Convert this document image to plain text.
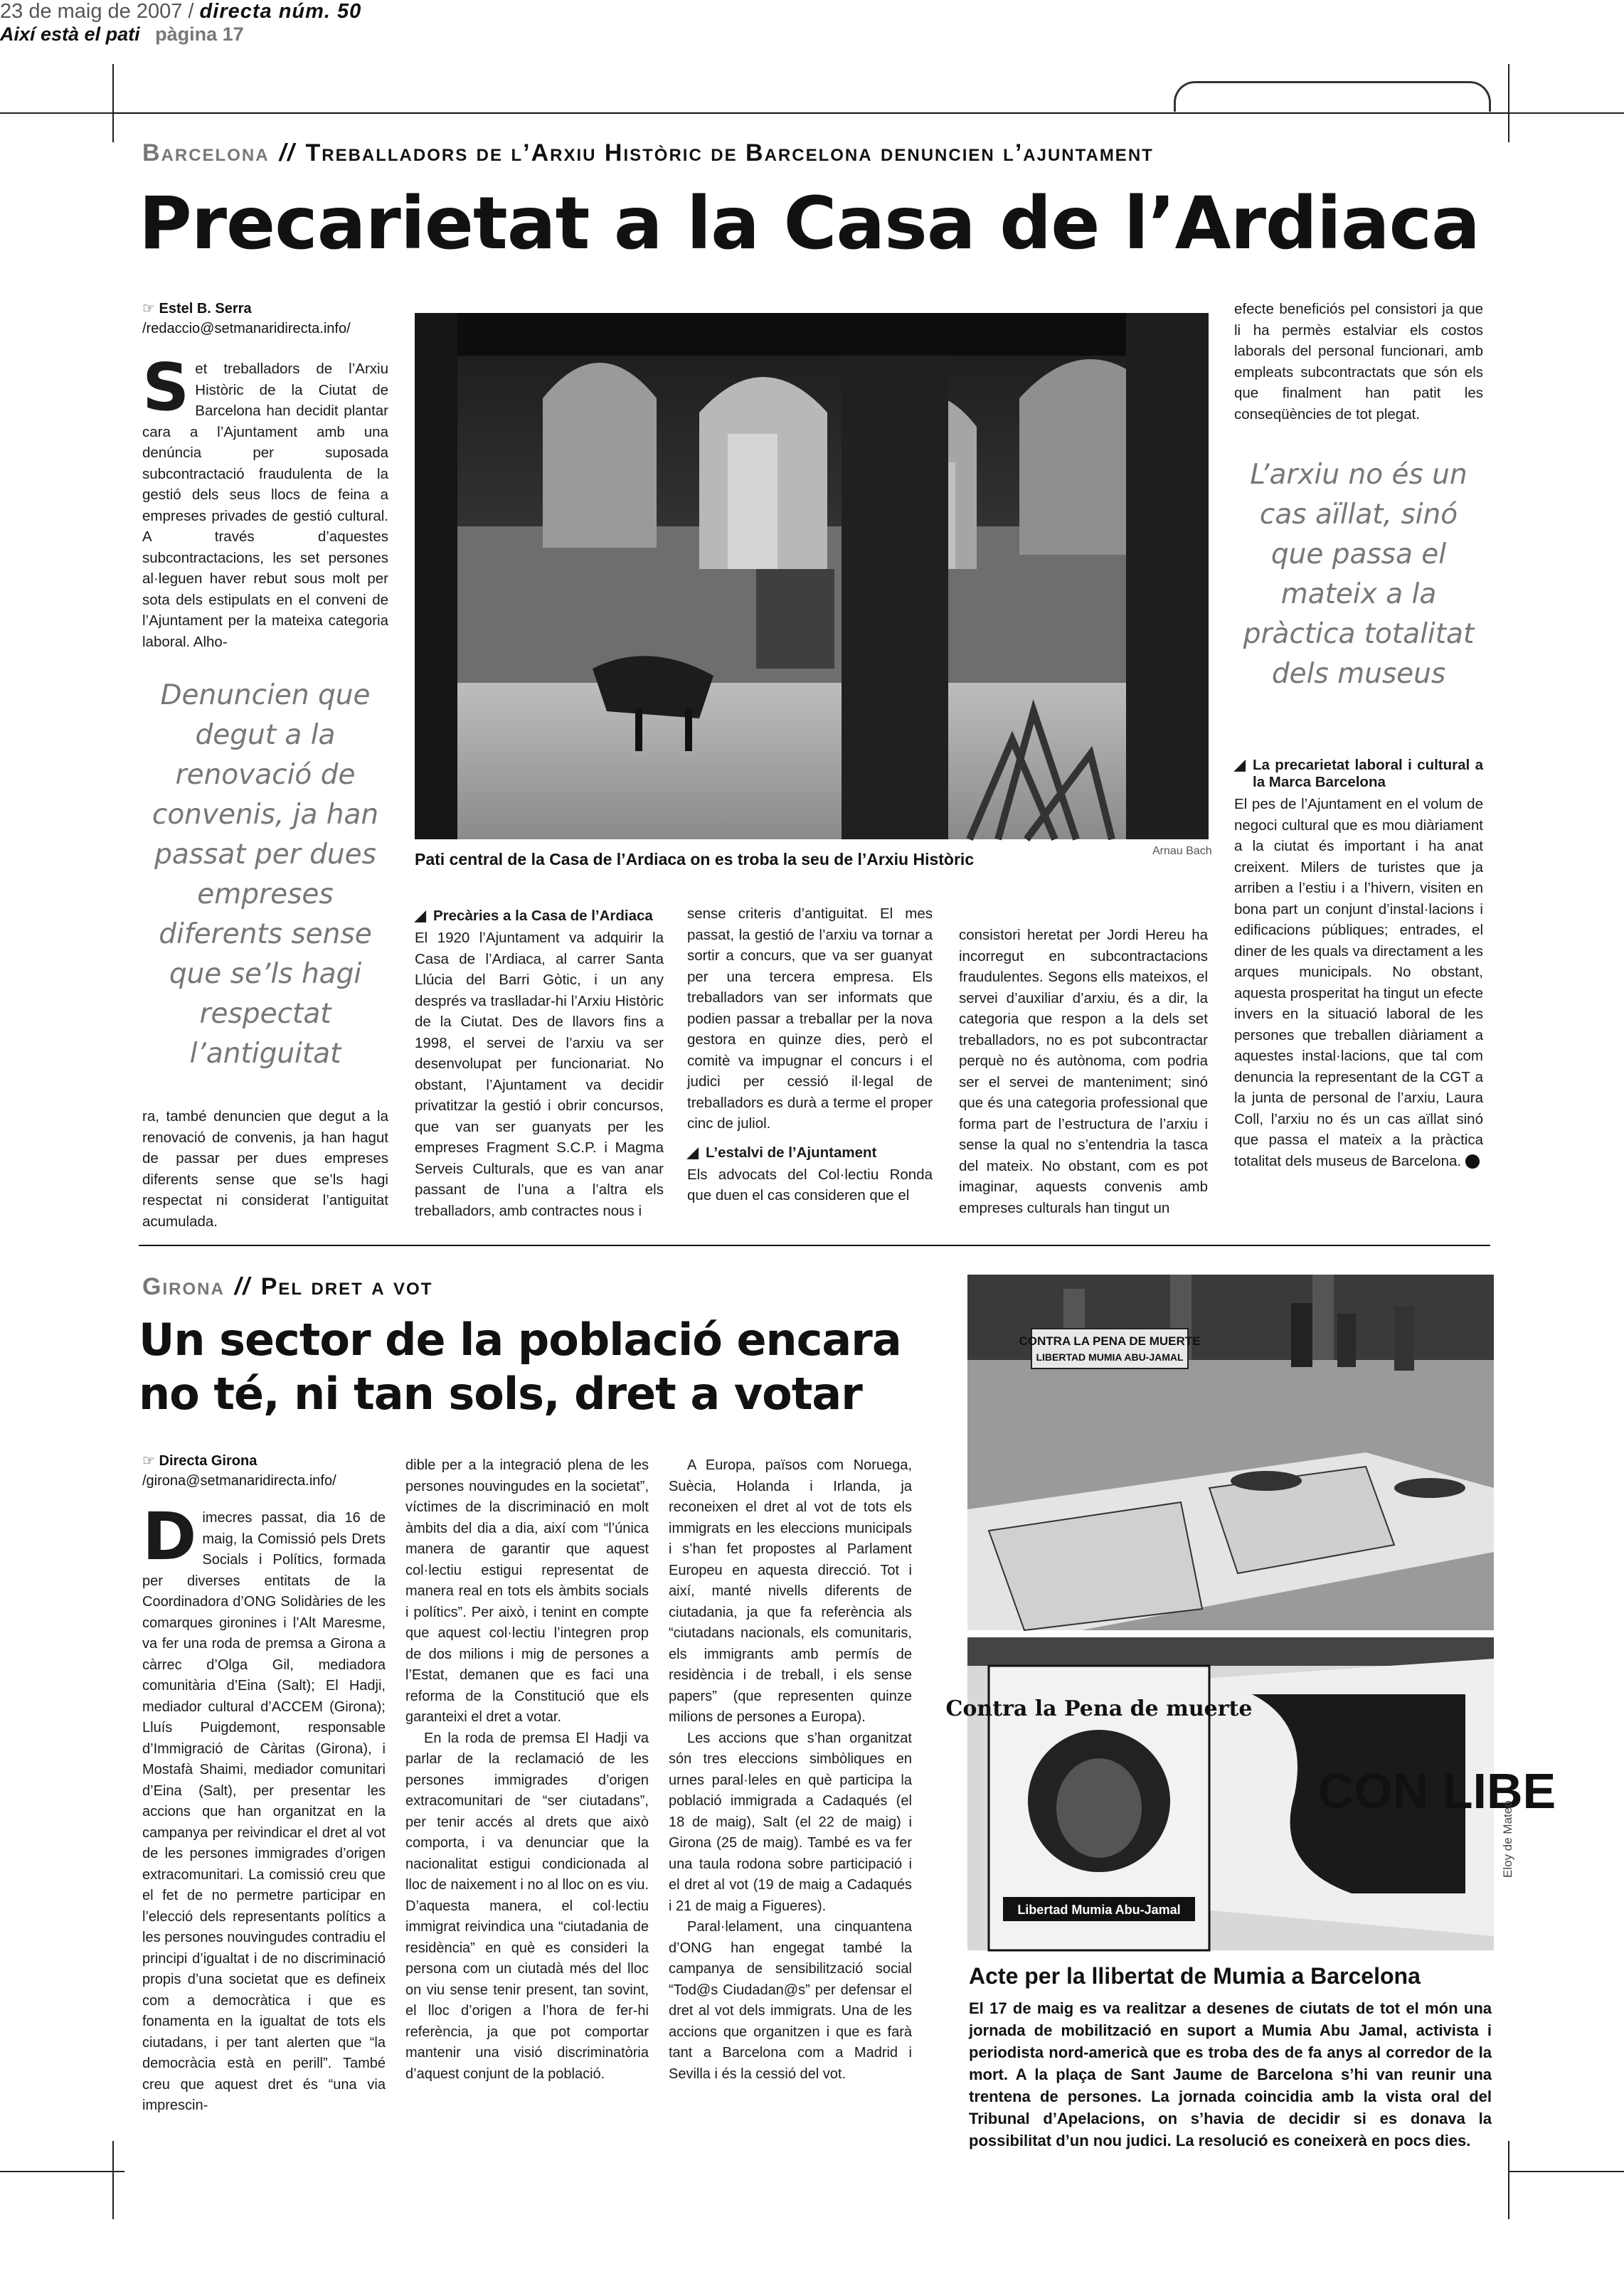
23 de maig de 2007 / directa núm. 50
Així està el pati pàgina 17
Barcelona // Treballadors de l’Arxiu Històric de Barcelona denuncien l’ajuntament
Precarietat a la Casa de l’Ardiaca
☞ Estel B. Serra
/redaccio@setmanaridirecta.info/

Set treballadors de l’Arxiu Històric de la Ciutat de Barcelona han decidit plantar cara a l’Ajuntament amb una denúncia per suposada subcontractació fraudulenta de la gestió dels seus llocs de feina a empreses privades de gestió cultural. A través d’aquestes subcontractacions, les set persones al·leguen haver rebut sous molt per sota dels estipulats en el conveni de l’Ajuntament per la mateixa categoria laboral. Alho-

Denuncien que degut a la renovació de convenis, ja han passat per dues empreses diferents sense que se’ls hagi respectat l’antiguitat

ra, també denuncien que degut a la renovació de convenis, ja han hagut de passar per dues empreses diferents sense que se’ls hagi respectat ni considerat l’antiguitat acumulada.

Pati central de la Casa de l’Ardiaca on es troba la seu de l’Arxiu Històric	Arnau Bach
◢ Precàries a la Casa de l’Ardiaca

El 1920 l’Ajuntament va adquirir la Casa de l’Ardiaca, al carrer Santa Llúcia del Barri Gòtic, i un any després va traslladar-hi l’Arxiu Històric de la Ciutat. Des de llavors fins a 1998, el servei de l’arxiu va ser desenvolupat per funcionariat. No obstant, l’Ajuntament va decidir privatitzar la gestió i obrir concursos, que van ser guanyats per les empreses Fragment S.C.P. i Magma Serveis Culturals, que es van anar passant de l’una a l’altra els treballadors, amb contractes nous i

sense criteris d’antiguitat. El mes passat, la gestió de l’arxiu va tornar a sortir a concurs, que va ser guanyat per una tercera empresa. Els treballadors van ser informats que podien passar a treballar per la nova gestora en quinze dies, però el comitè va impugnar el concurs i el judici per cessió il·legal de treballadors es durà a terme el proper cinc de juliol.

◢ L’estalvi de l’Ajuntament

Els advocats del Col·lectiu Ronda que duen el cas consideren que el

consistori heretat per Jordi Hereu ha incorregut en subcontractacions fraudulentes. Segons ells mateixos, el servei d’auxiliar d’arxiu, és a dir, la categoria que respon a la dels set treballadors, no es pot subcontractar perquè no és autònoma, com podria ser el servei de manteniment; sinó que és una categoria professional que forma part de l’estructura de l’arxiu i sense la qual no s’entendria la tasca del mateix. No obstant, com es pot imaginar, aquests convenis amb empreses culturals han tingut un

efecte beneficiós pel consistori ja que li ha permès estalviar els costos laborals del personal funcionari, amb empleats subcontractats que són els que finalment han patit les conseqüències de tot plegat.

L’arxiu no és un cas aïllat, sinó que passa el mateix a la pràctica totalitat dels museus
◢ La precarietat laboral i cultural a la Marca Barcelona

El pes de l’Ajuntament en el volum de negoci cultural que es mou diàriament a la ciutat és important i ha anat creixent. Milers de turistes que ja arriben a l’estiu i a l’hivern, visiten en bona part un conjunt d’instal·lacions i edificacions públiques; entrades, el diner de les quals va directament a les arques municipals. No obstant, aquesta prosperitat ha tingut un efecte invers en la situació laboral de les persones que treballen diàriament a aquestes instal·lacions, que tal com denuncia la representant de la CGT a la junta de personal de l’arxiu, Laura Coll, l’arxiu no és un cas aïllat sinó que passa el mateix a la pràctica totalitat dels museus de Barcelona.

Girona // Pel dret a vot
Un sector de la població encara
no té, ni tan sols, dret a votar
☞ Directa Girona
/girona@setmanaridirecta.info/

Dimecres passat, dia 16 de maig, la Comissió pels Drets Socials i Polítics, formada per diverses entitats de la Coordinadora d’ONG Solidàries de les comarques gironines i l’Alt Maresme, va fer una roda de premsa a Girona a càrrec d’Olga Gil, mediadora comunitària d’Eina (Salt); El Hadji, mediador cultural d’ACCEM (Girona); Lluís Puigdemont, responsable d’Immigració de Càritas (Girona), i Mostafà Shaimi, mediador comunitari d’Eina (Salt), per presentar les accions que han organitzat en la campanya per reivindicar el dret al vot de les persones immigrades d’origen extracomunitari. La comissió creu que el fet de no permetre participar en l’elecció dels representants polítics a les persones nouvingudes contradiu el principi d’igualtat i de no discriminació propis d’una societat que es defineix com a democràtica i que es fonamenta en la igualtat de tots els ciutadans, i per tant alerten que “la democràcia està en perill”. També creu que aquest dret és “una via imprescin-

dible per a la integració plena de les persones nouvingudes en la societat”, víctimes de la discriminació en molt àmbits del dia a dia, així com “l’única manera de garantir que aquest col·lectiu estigui representat de manera real en tots els àmbits socials i polítics”. Per això, i tenint en compte que aquest col·lectiu l’integren prop de dos milions i mig de persones a l’Estat, demanen que es faci una reforma de la Constitució que els garanteixi el dret a votar.

En la roda de premsa El Hadji va parlar de la reclamació de les persones immigrades d’origen extracomunitari de “ser ciutadans”, per tenir accés al drets que això comporta, i va denunciar que la nacionalitat estigui condicionada al lloc de naixement i no al lloc on es viu. D’aquesta manera, el col·lectiu immigrat reivindica una “ciutadania de residència” en què es consideri la persona com un ciutadà més del lloc on viu sense tenir present, tan sovint, el lloc d’origen a l’hora de fer-hi referència, ja que pot comportar mantenir una visió discriminatòria d’aquest conjunt de la població.

A Europa, països com Noruega, Suècia, Holanda i Irlanda, ja reconeixen el dret al vot de tots els immigrats en les eleccions municipals i s’han fet propostes al Parlament Europeu en aquesta direcció. Tot i així, manté nivells diferents de ciutadania, ja que fa referència als “ciutadans nacionals, els comunitaris, els immigrants amb permís de residència i de treball, i els sense papers” (que representen quinze milions de persones a Europa).

Les accions que s’han organitzat són tres eleccions simbòliques en urnes paral·leles en què participa la població immigrada a Cadaqués (el 18 de maig), Salt (el 22 de maig) i Girona (25 de maig). També es va fer una taula rodona sobre participació i el dret al vot (19 de maig a Cadaqués i 21 de maig a Figueres).

Paral·lelament, una cinquantena d’ONG han engegat també la campanya de sensibilització social “Tod@s Ciudadan@s” per defensar el dret al vot dels immigrats. Una de les accions que organitzen i que es farà tant a Barcelona com a Madrid i Sevilla i és la cessió del vot.

CONTRA LA PENA DE MUERTE
LIBERTAD MUMIA ABU-JAMAL
CON LIBE
Contra la Pena de muerte
Libertad Mumia Abu-Jamal
Eloy de Mateo
Acte per la llibertat de Mumia a Barcelona
El 17 de maig es va realitzar a desenes de ciutats de tot el món una jornada de mobilització en suport a Mumia Abu Jamal, activista i periodista nord-americà que es troba des de fa anys al corredor de la mort. A la plaça de Sant Jaume de Barcelona s’hi van reunir una trentena de persones. La jornada coincidia amb la vista oral del Tribunal d’Apelacions, on s’havia de decidir si es donava la possibilitat d’un nou judici. La resolució es coneixerà en pocs dies.
